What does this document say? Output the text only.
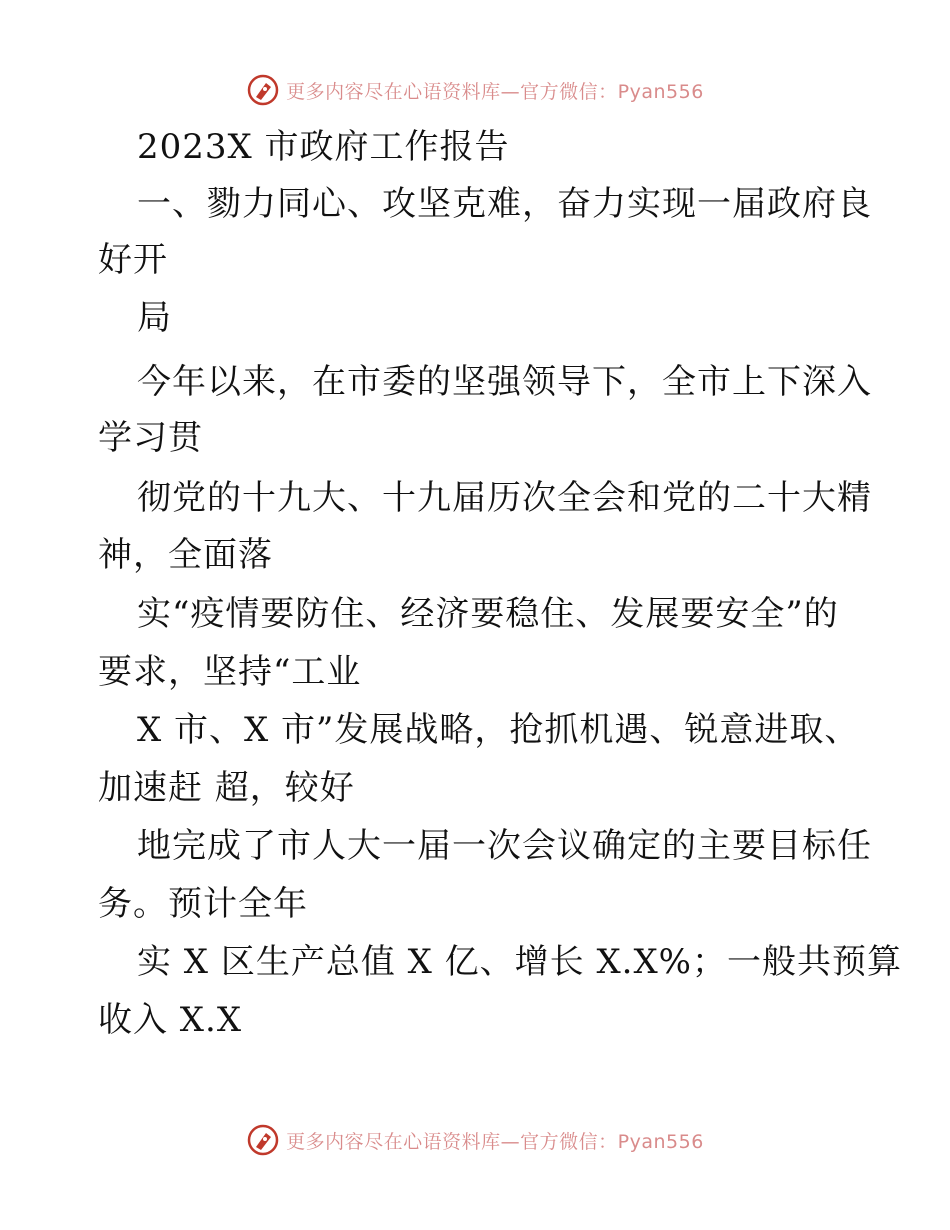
更多内容尽在心语资料库—官方微信：Pyan556
2023X 市政府工作报告
一、勠力同心、攻坚克难，奋力实现一届政府良
好开
局
今年以来，在市委的坚强领导下，全市上下深入
学习贯
彻党的十九大、十九届历次全会和党的二十大精
神，全面落
实“疫情要防住、经济要稳住、发展要安全”的
要求，坚持“工业
X 市、X 市”发展战略，抢抓机遇、锐意进取、
加速赶 超，较好
地完成了市人大一届一次会议确定的主要目标任
务。预计全年
实 X 区生产总值 X 亿、增长 X.X%；一般共预算
收入 X.X
更多内容尽在心语资料库—官方微信：Pyan556
